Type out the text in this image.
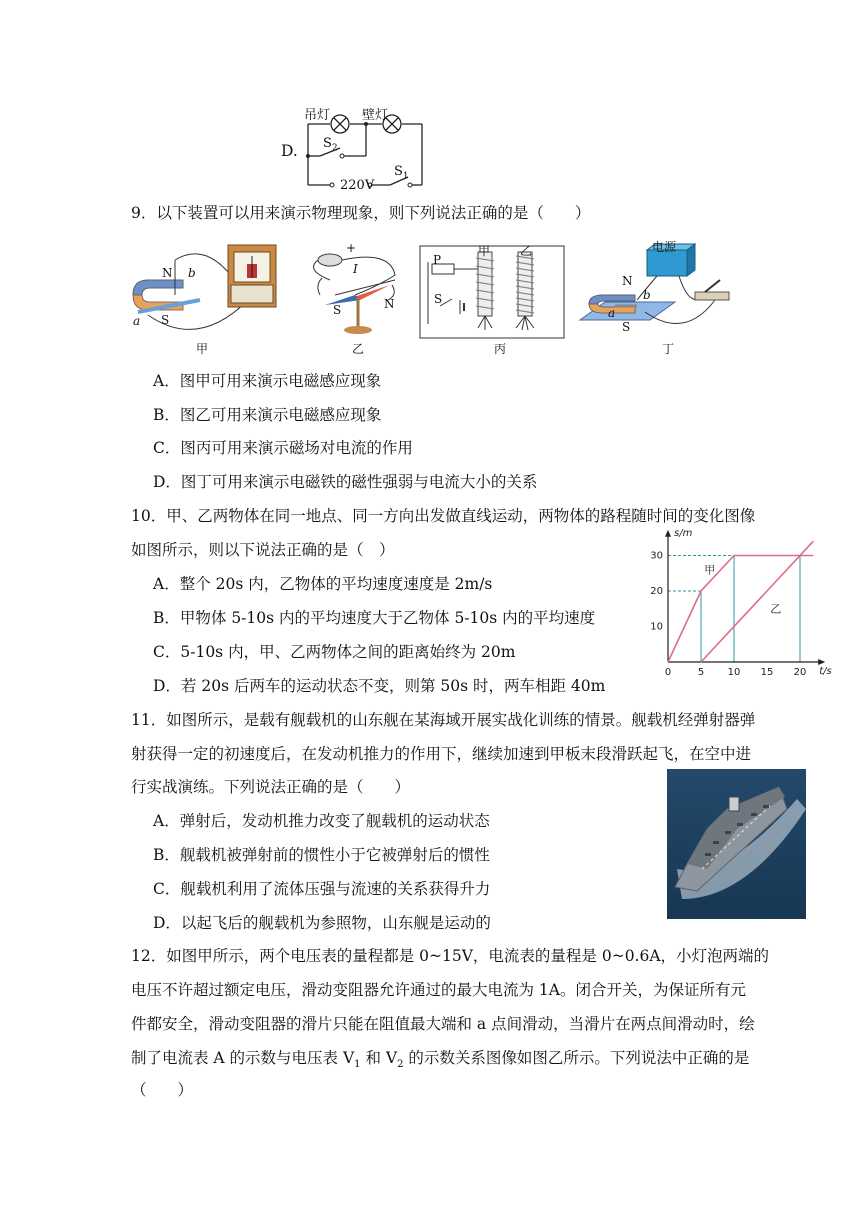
D.
吊灯 壁灯
$S_2$
$S_1$
220V
9．以下装置可以用来演示物理现象，则下列说法正确的是（　　）
N
S
a
b
甲
+
I
S	N
乙
P
S
甲 乙
丙
电源
N
S
b
a
丁
A．图甲可用来演示电磁感应现象
B．图乙可用来演示电磁感应现象
C．图丙可用来演示磁场对电流的作用
D．图丁可用来演示电磁铁的磁性强弱与电流大小的关系
10．甲、乙两物体在同一地点、同一方向出发做直线运动，两物体的路程随时间的变化图像
如图所示，则以下说法正确的是（　）
A．整个 20s 内，乙物体的平均速度速度是 2m/s
B．甲物体 5-10s 内的平均速度大于乙物体 5-10s 内的平均速度
C．5-10s 内，甲、乙两物体之间的距离始终为 20m
D．若 20s 后两车的运动状态不变，则第 50s 时，两车相距 40m
0	5 10 15 20
10
20
30
t/s
s/m
甲
乙
11．如图所示，是载有舰载机的山东舰在某海域开展实战化训练的情景。舰载机经弹射器弹
射获得一定的初速度后，在发动机推力的作用下，继续加速到甲板末段滑跃起飞，在空中进
行实战演练。下列说法正确的是（　　）
A．弹射后，发动机推力改变了舰载机的运动状态
B．舰载机被弹射前的惯性小于它被弹射后的惯性
C．舰载机利用了流体压强与流速的关系获得升力
D．以起飞后的舰载机为参照物，山东舰是运动的
12．如图甲所示，两个电压表的量程都是 0~15V，电流表的量程是 0~0.6A，小灯泡两端的
电压不许超过额定电压，滑动变阻器允许通过的最大电流为 1A。闭合开关，为保证所有元
件都安全，滑动变阻器的滑片只能在阻值最大端和 a 点间滑动，当滑片在两点间滑动时，绘
制了电流表 A 的示数与电压表 $V_1$ 和 $V_2$ 的示数关系图像如图乙所示。下列说法中正确的是
（　　）
